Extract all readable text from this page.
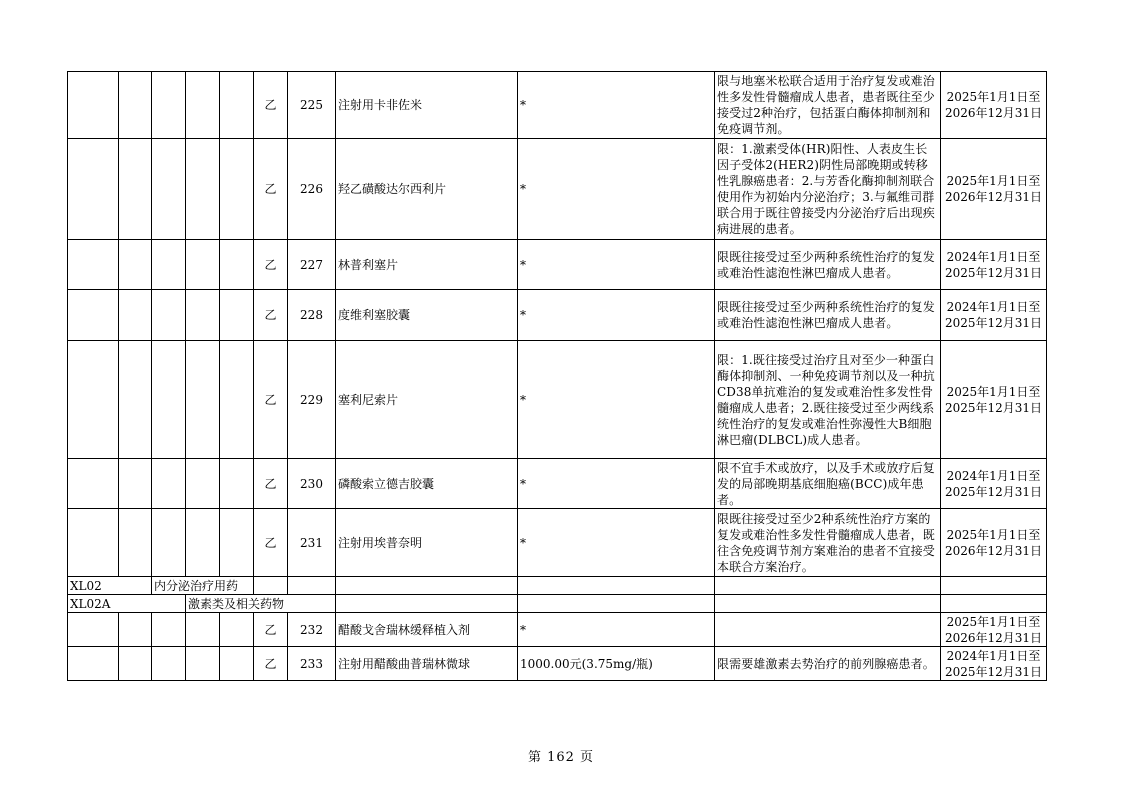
					乙	225	注射用卡非佐米	*	限与地塞米松联合适用于治疗复发或难治性多发性骨髓瘤成人患者，患者既往至少接受过2种治疗，包括蛋白酶体抑制剂和免疫调节剂。	2025年1月1日至
2026年12月31日
					乙	226	羟乙磺酸达尔西利片	*	限：1.激素受体(HR)阳性、人表皮生长因子受体2(HER2)阴性局部晚期或转移性乳腺癌患者：2.与芳香化酶抑制剂联合使用作为初始内分泌治疗；3.与氟维司群联合用于既往曾接受内分泌治疗后出现疾病进展的患者。	2025年1月1日至
2026年12月31日
					乙	227	林普利塞片	*	限既往接受过至少两种系统性治疗的复发或难治性滤泡性淋巴瘤成人患者。	2024年1月1日至
2025年12月31日
					乙	228	度维利塞胶囊	*	限既往接受过至少两种系统性治疗的复发或难治性滤泡性淋巴瘤成人患者。	2024年1月1日至
2025年12月31日
					乙	229	塞利尼索片	*	限：1.既往接受过治疗且对至少一种蛋白酶体抑制剂、一种免疫调节剂以及一种抗CD38单抗难治的复发或难治性多发性骨髓瘤成人患者；2.既往接受过至少两线系统性治疗的复发或难治性弥漫性大B细胞淋巴瘤(DLBCL)成人患者。	2025年1月1日至
2025年12月31日
					乙	230	磷酸索立德吉胶囊	*	限不宜手术或放疗，以及手术或放疗后复发的局部晚期基底细胞癌(BCC)成年患者。	2024年1月1日至
2025年12月31日
					乙	231	注射用埃普奈明	*	限既往接受过至少2种系统性治疗方案的复发或难治性多发性骨髓瘤成人患者，既往含免疫调节剂方案难治的患者不宜接受本联合方案治疗。	2025年1月1日至
2026年12月31日
XL02		内分泌治疗用药								
XL02A			激素类及相关药物							
					乙	232	醋酸戈舍瑞林缓释植入剂	*		2025年1月1日至
2026年12月31日
					乙	233	注射用醋酸曲普瑞林微球	1000.00元(3.75mg/瓶)	限需要雄激素去势治疗的前列腺癌患者。	2024年1月1日至
2025年12月31日
第 162 页
